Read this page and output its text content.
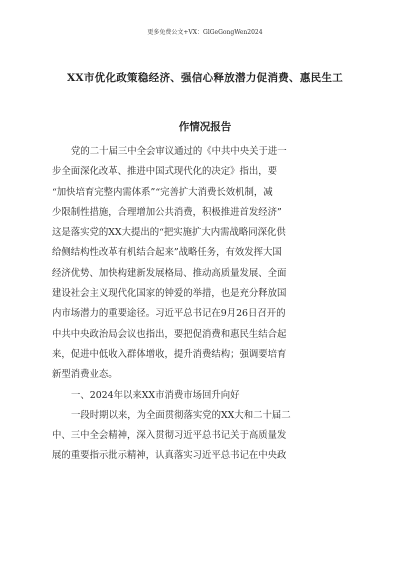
更多免费公文+VX：GlGeGongWen2024
XX市优化政策稳经济、强信心释放潜力促消费、惠民生工
作情况报告
党的二十届三中全会审议通过的《中共中央关于进一
步全面深化改革、推进中国式现代化的决定》指出，要
“加快培育完整内需体系”“完善扩大消费长效机制，减
少限制性措施，合理增加公共消费，积极推进首发经济”
这是落实党的XX大提出的“把实施扩大内需战略同深化供
给侧结构性改革有机结合起来”战略任务，有效发挥大国
经济优势、加快构建新发展格局、推动高质量发展、全面
建设社会主义现代化国家的钟爱的举措，也是充分释放国
内市场潜力的重要途径。习近平总书记在9月26日召开的
中共中央政治局会议也指出，要把促消费和惠民生结合起
来，促进中低收入群体增收，提升消费结构；强调要培育
新型消费业态。
一、2024年以来XX市消费市场回升向好
一段时期以来，为全面贯彻落实党的XX大和二十届二
中、三中全会精神，深入贯彻习近平总书记关于高质量发
展的重要指示批示精神，认真落实习近平总书记在中央政
